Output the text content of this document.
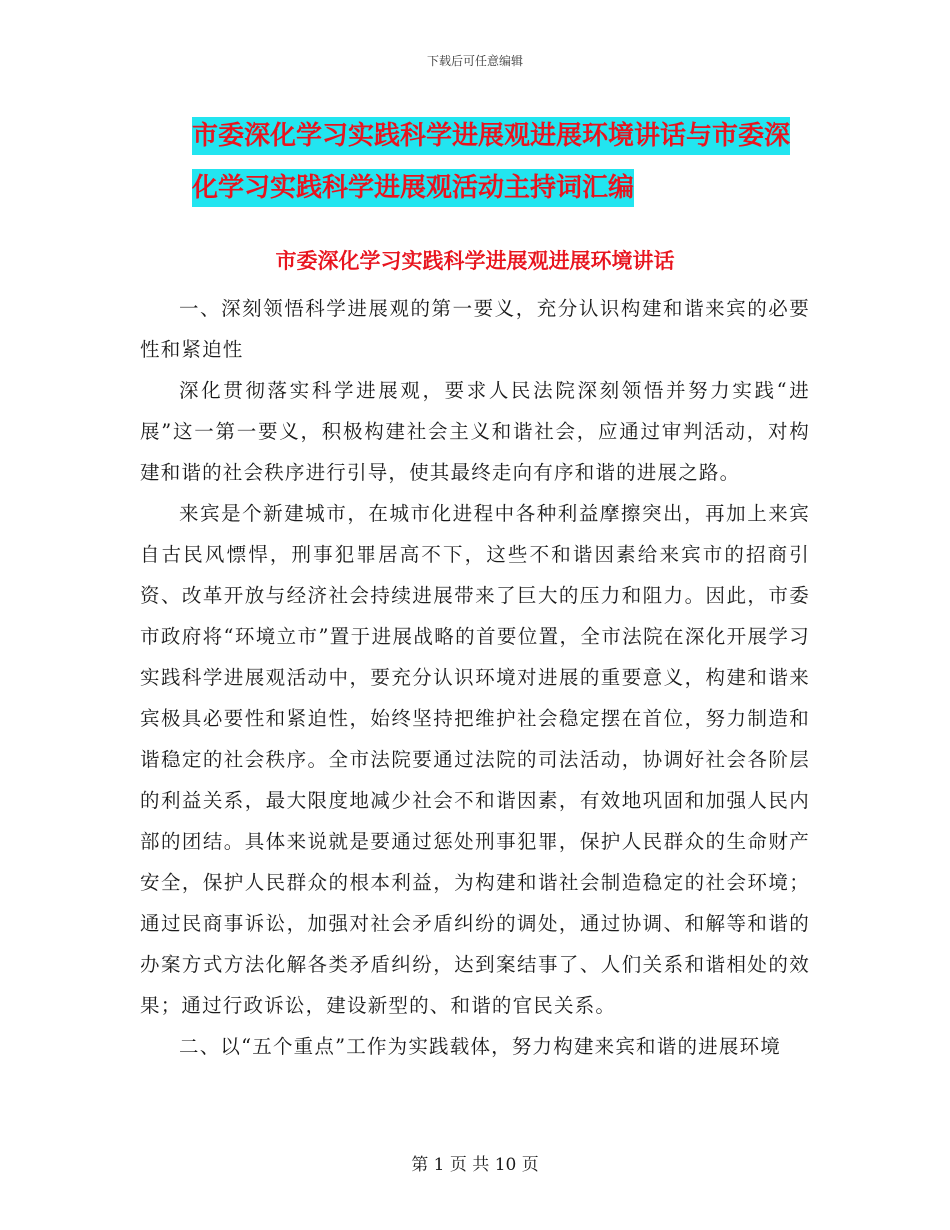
下载后可任意编辑
市委深化学习实践科学进展观进展环境讲话与市委深
化学习实践科学进展观活动主持词汇编
市委深化学习实践科学进展观进展环境讲话

一、深刻领悟科学进展观的第一要义，充分认识构建和谐来宾的必要性和紧迫性

深化贯彻落实科学进展观，要求人民法院深刻领悟并努力实践“进展”这一第一要义，积极构建社会主义和谐社会，应通过审判活动，对构建和谐的社会秩序进行引导，使其最终走向有序和谐的进展之路。

来宾是个新建城市，在城市化进程中各种利益摩擦突出，再加上来宾自古民风慓悍，刑事犯罪居高不下，这些不和谐因素给来宾市的招商引资、改革开放与经济社会持续进展带来了巨大的压力和阻力。因此，市委市政府将“环境立市”置于进展战略的首要位置，全市法院在深化开展学习实践科学进展观活动中，要充分认识环境对进展的重要意义，构建和谐来宾极具必要性和紧迫性，始终坚持把维护社会稳定摆在首位，努力制造和谐稳定的社会秩序。全市法院要通过法院的司法活动，协调好社会各阶层的利益关系，最大限度地减少社会不和谐因素，有效地巩固和加强人民内部的团结。具体来说就是要通过惩处刑事犯罪，保护人民群众的生命财产安全，保护人民群众的根本利益，为构建和谐社会制造稳定的社会环境；通过民商事诉讼，加强对社会矛盾纠纷的调处，通过协调、和解等和谐的办案方式方法化解各类矛盾纠纷，达到案结事了、人们关系和谐相处的效果；通过行政诉讼，建设新型的、和谐的官民关系。

二、以“五个重点”工作为实践载体，努力构建来宾和谐的进展环境

第 1 页 共 10 页
